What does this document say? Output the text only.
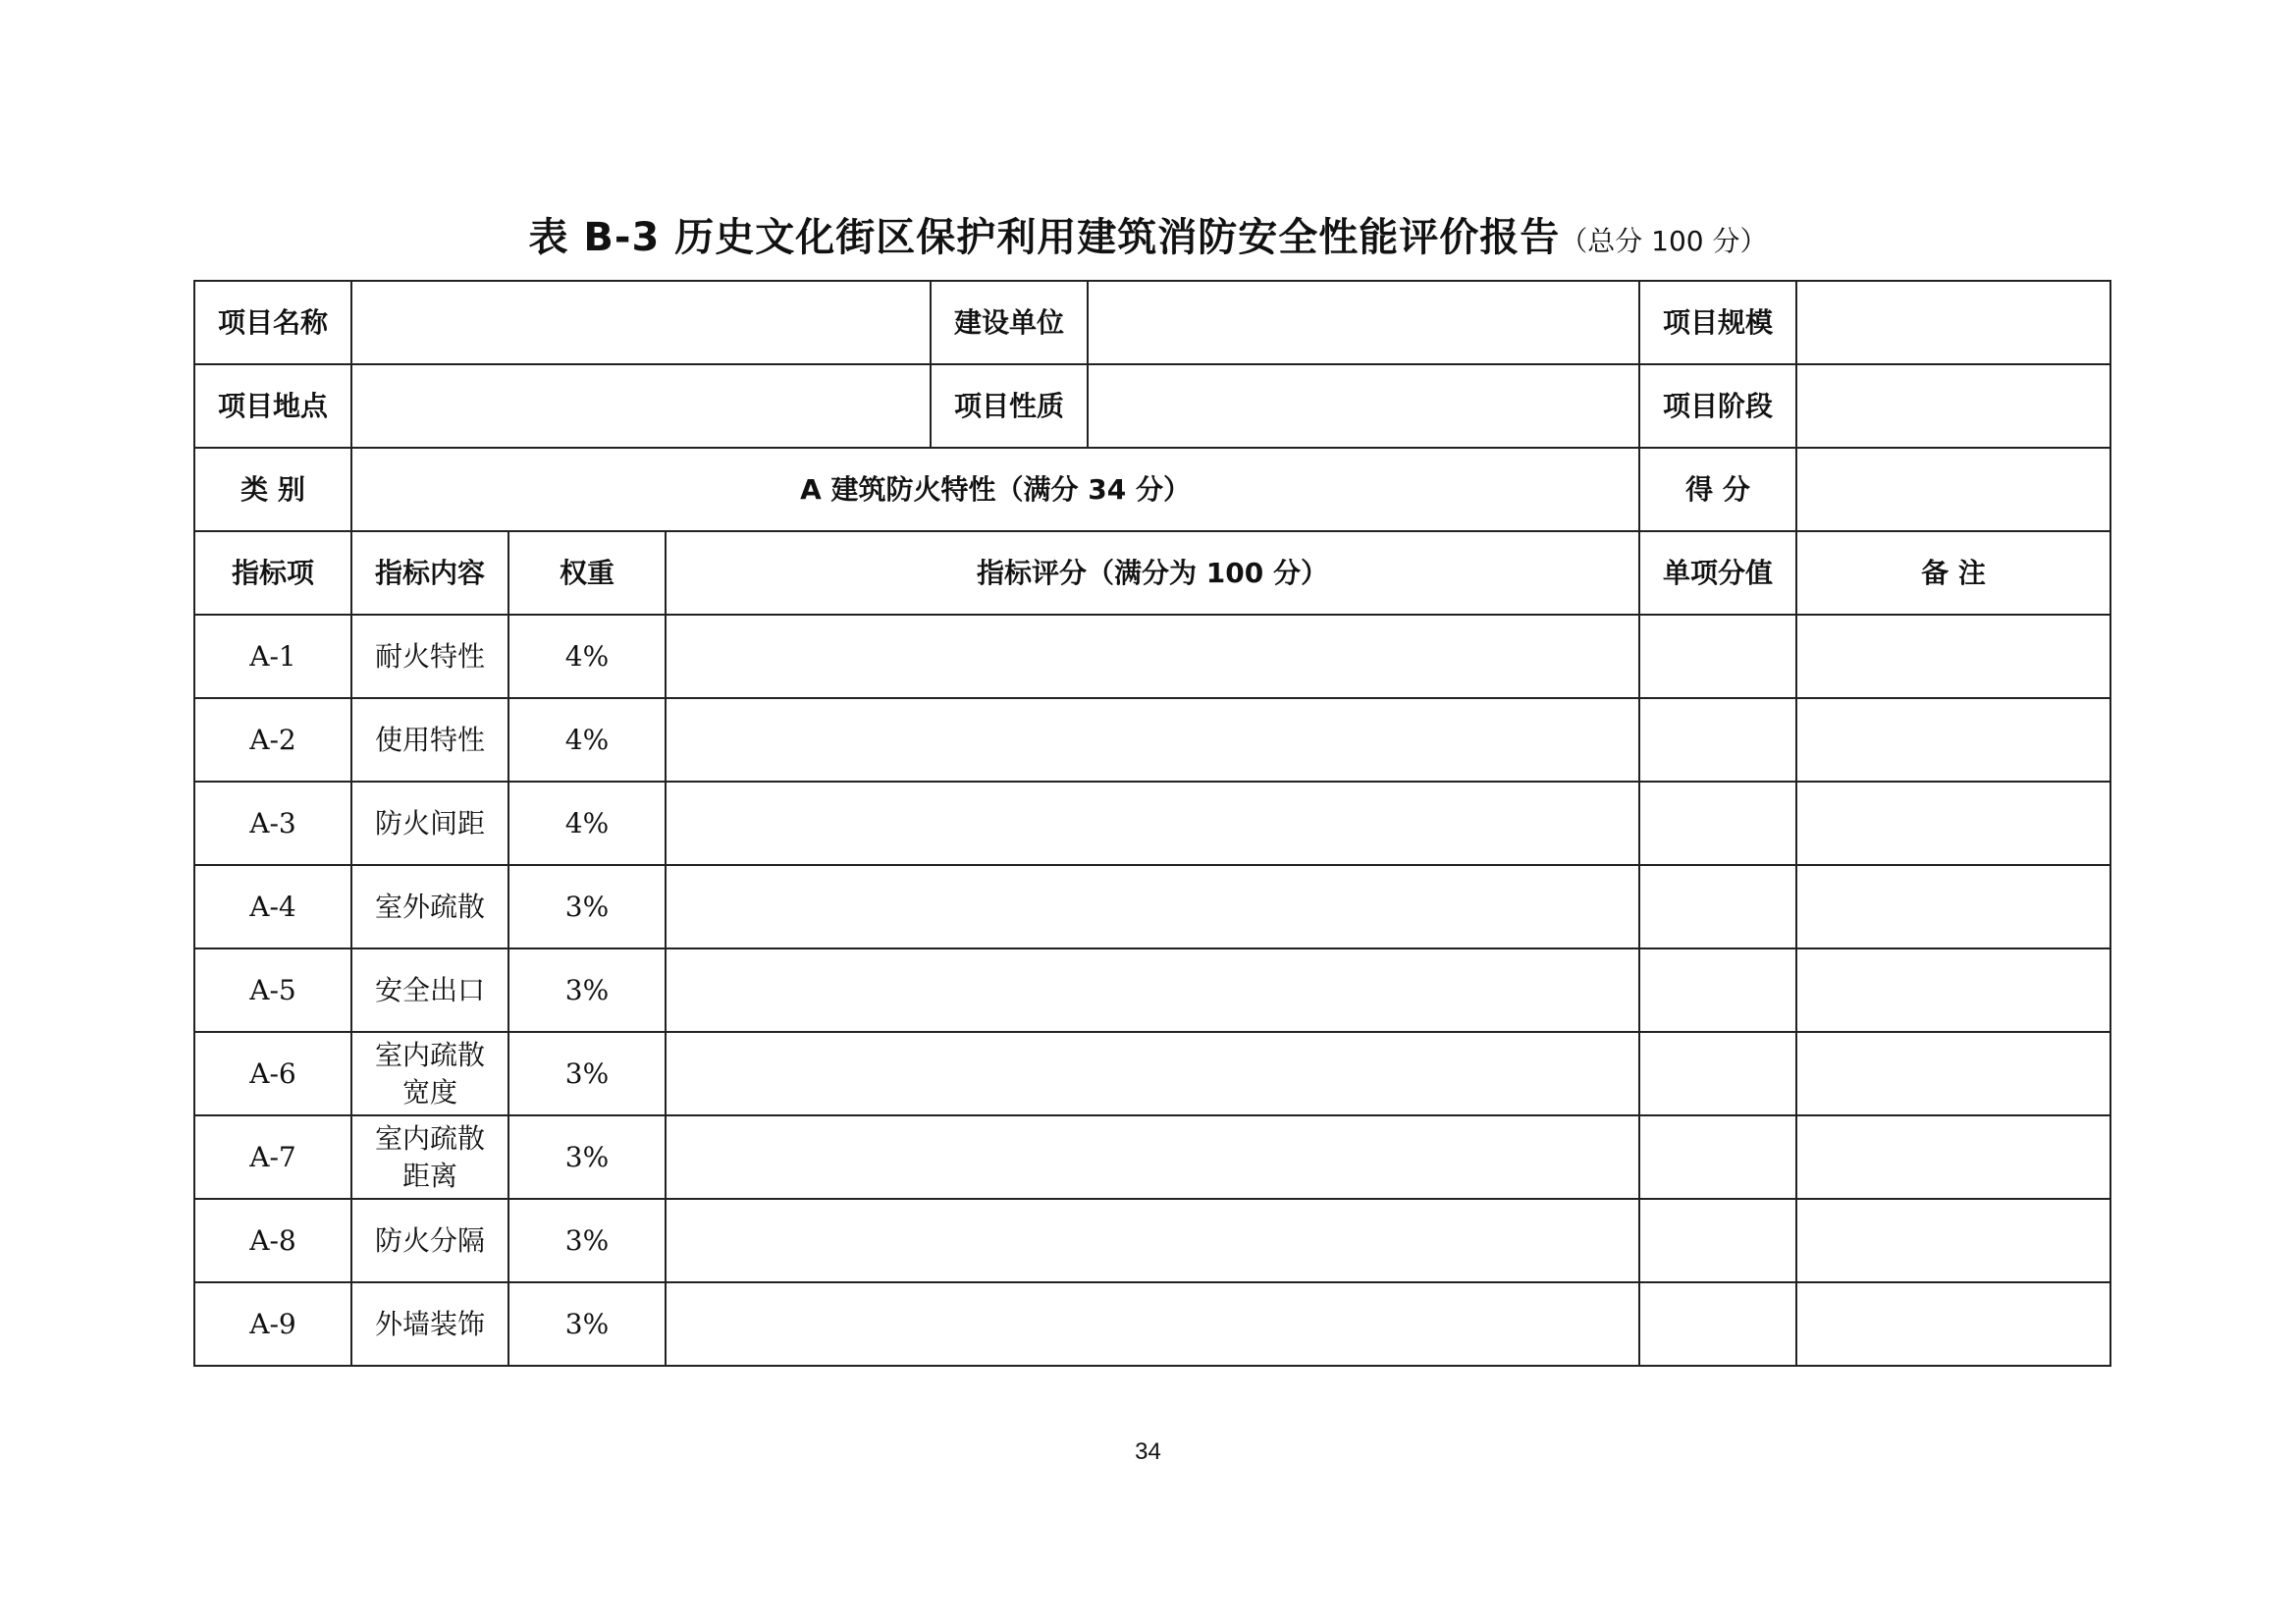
表 B-3 历史文化街区保护利用建筑消防安全性能评价报告（总分 100 分）
项目名称				建设单位		项目规模	
项目地点				项目性质		项目阶段	
类 别	A 建筑防火特性（满分 34 分）					得 分	
指标项	指标内容	权重	指标评分（满分为 100 分）			单项分值	备 注
A-1	耐火特性	4%					
A-2	使用特性	4%					
A-3	防火间距	4%					
A-4	室外疏散	3%					
A-5	安全出口	3%					
A-6	室内疏散宽度	3%					
A-7	室内疏散距离	3%					
A-8	防火分隔	3%					
A-9	外墙装饰	3%					
34
